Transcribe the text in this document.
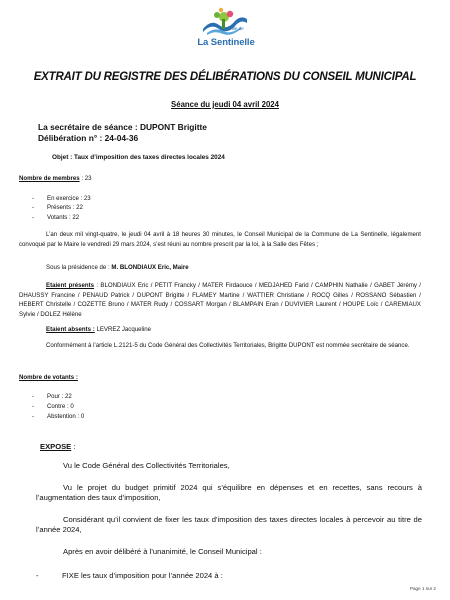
Ville de
La Sentinelle
EXTRAIT DU REGISTRE DES DÉLIBÉRATIONS DU CONSEIL MUNICIPAL
Séance du jeudi 04 avril 2024
La secrétaire de séance : DUPONT Brigitte
Délibération n° : 24-04-36
Objet : Taux d’imposition des taxes directes locales 2024
Nombre de membres : 23
- En exercice : 23
- Présents : 22
- Votants : 22
L’an deux mil vingt-quatre, le jeudi 04 avril à 18 heures 30 minutes, le Conseil Municipal de la Commune de La Sentinelle, légalement convoqué par le Maire le vendredi 29 mars 2024, s’est réuni au nombre prescrit par la loi, à la Salle des Fêtes ;
Sous la présidence de : M. BLONDIAUX Eric, Maire
Etaient présents : BLONDIAUX Eric / PETIT Francky / MATER Firdaouce / MEDJAHED Farid / CAMPHIN Nathalie / GABET Jérémy / DHAUSSY Francine / PENAUD Patrick / DUPONT Brigitte / FLAMEY Martine / WATTIER Christiane / ROCQ Gilles / ROSSANO Sébastien / HEBERT Christelle / COZETTE Bruno / MATER Rudy / COSSART Morgan / BLAMPAIN Eran / DUVIVIER Laurent / HOUPE Loïc / CAREMIAUX Sylvie / DOLEZ Hélène
Etaient absents : LEVREZ Jacqueline
Conformément à l’article L.2121-5 du Code Général des Collectivités Territoriales, Brigitte DUPONT est nommée secrétaire de séance.
Nombre de votants :
- Pour : 22
- Contre : 0
- Abstention : 0
EXPOSE :
Vu le Code Général des Collectivités Territoriales,
Vu le projet du budget primitif 2024 qui s’équilibre en dépenses et en recettes, sans recours à l’augmentation des taux d’imposition,
Considérant qu’il convient de fixer les taux d’imposition des taxes directes locales à percevoir au titre de l’année 2024,
Après en avoir délibéré à l’unanimité, le Conseil Municipal :
-	FIXE les taux d’imposition pour l’année 2024 à :
Page 1 sur 2
